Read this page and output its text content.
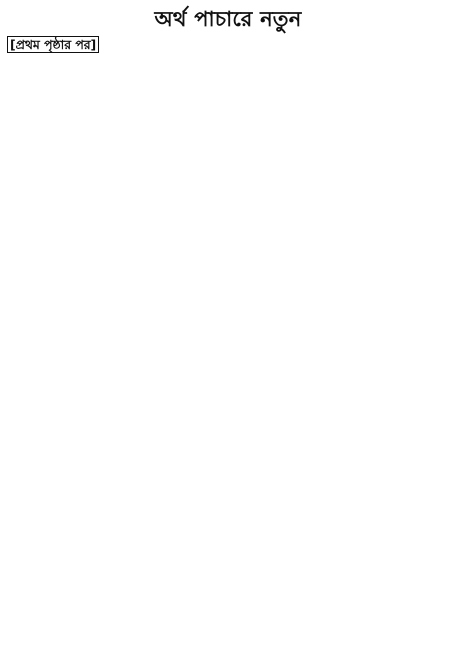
অর্থ পাচারে নতুন

[প্রথম পৃষ্ঠার পর]
